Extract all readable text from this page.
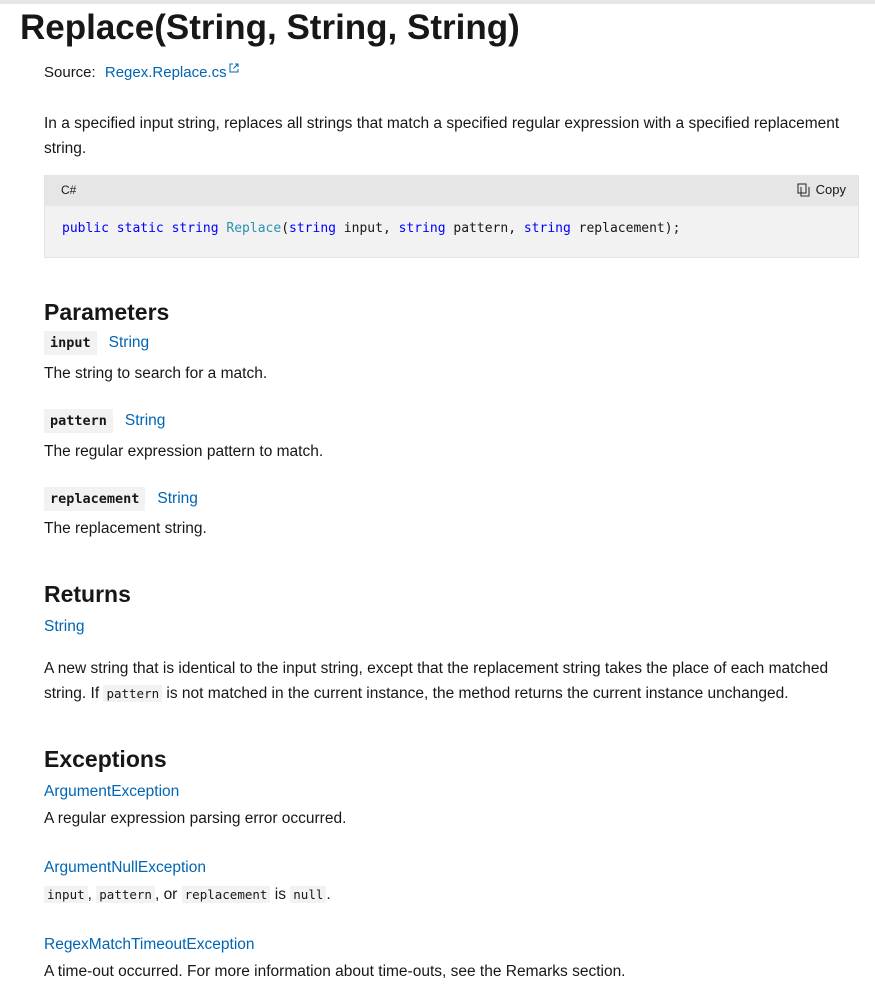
Replace(String, String, String)
Source: Regex.Replace.cs

In a specified input string, replaces all strings that match a specified regular expression with a specified replacement string.

C#	Copy
public static string Replace(string input, string pattern, string replacement);
Parameters
input	String

The string to search for a match.

pattern	String

The regular expression pattern to match.

replacement	String

The replacement string.

Returns
String

A new string that is identical to the input string, except that the replacement string takes the place of each matched string. If pattern is not matched in the current instance, the method returns the current instance unchanged.

Exceptions
ArgumentException

A regular expression parsing error occurred.

ArgumentNullException

input , pattern , or replacement is null .

RegexMatchTimeoutException

A time-out occurred. For more information about time-outs, see the Remarks section.
